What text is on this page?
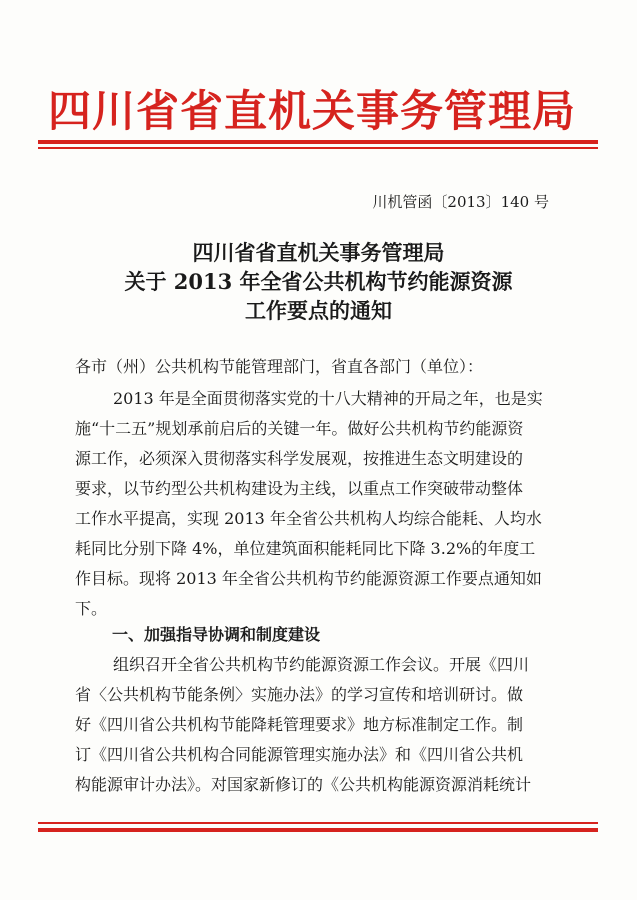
四川省省直机关事务管理局
川机管函〔2013〕140 号
四川省省直机关事务管理局
关于 2013 年全省公共机构节约能源资源
工作要点的通知
各市（州）公共机构节能管理部门，省直各部门（单位）：
2013 年是全面贯彻落实党的十八大精神的开局之年，也是实
施“十二五”规划承前启后的关键一年。做好公共机构节约能源资
源工作，必须深入贯彻落实科学发展观，按推进生态文明建设的
要求，以节约型公共机构建设为主线，以重点工作突破带动整体
工作水平提高，实现 2013 年全省公共机构人均综合能耗、人均水
耗同比分别下降 4%，单位建筑面积能耗同比下降 3.2%的年度工
作目标。现将 2013 年全省公共机构节约能源资源工作要点通知如
下。
一、加强指导协调和制度建设
组织召开全省公共机构节约能源资源工作会议。开展《四川
省〈公共机构节能条例〉实施办法》的学习宣传和培训研讨。做
好《四川省公共机构节能降耗管理要求》地方标准制定工作。制
订《四川省公共机构合同能源管理实施办法》和《四川省公共机
构能源审计办法》。对国家新修订的《公共机构能源资源消耗统计
